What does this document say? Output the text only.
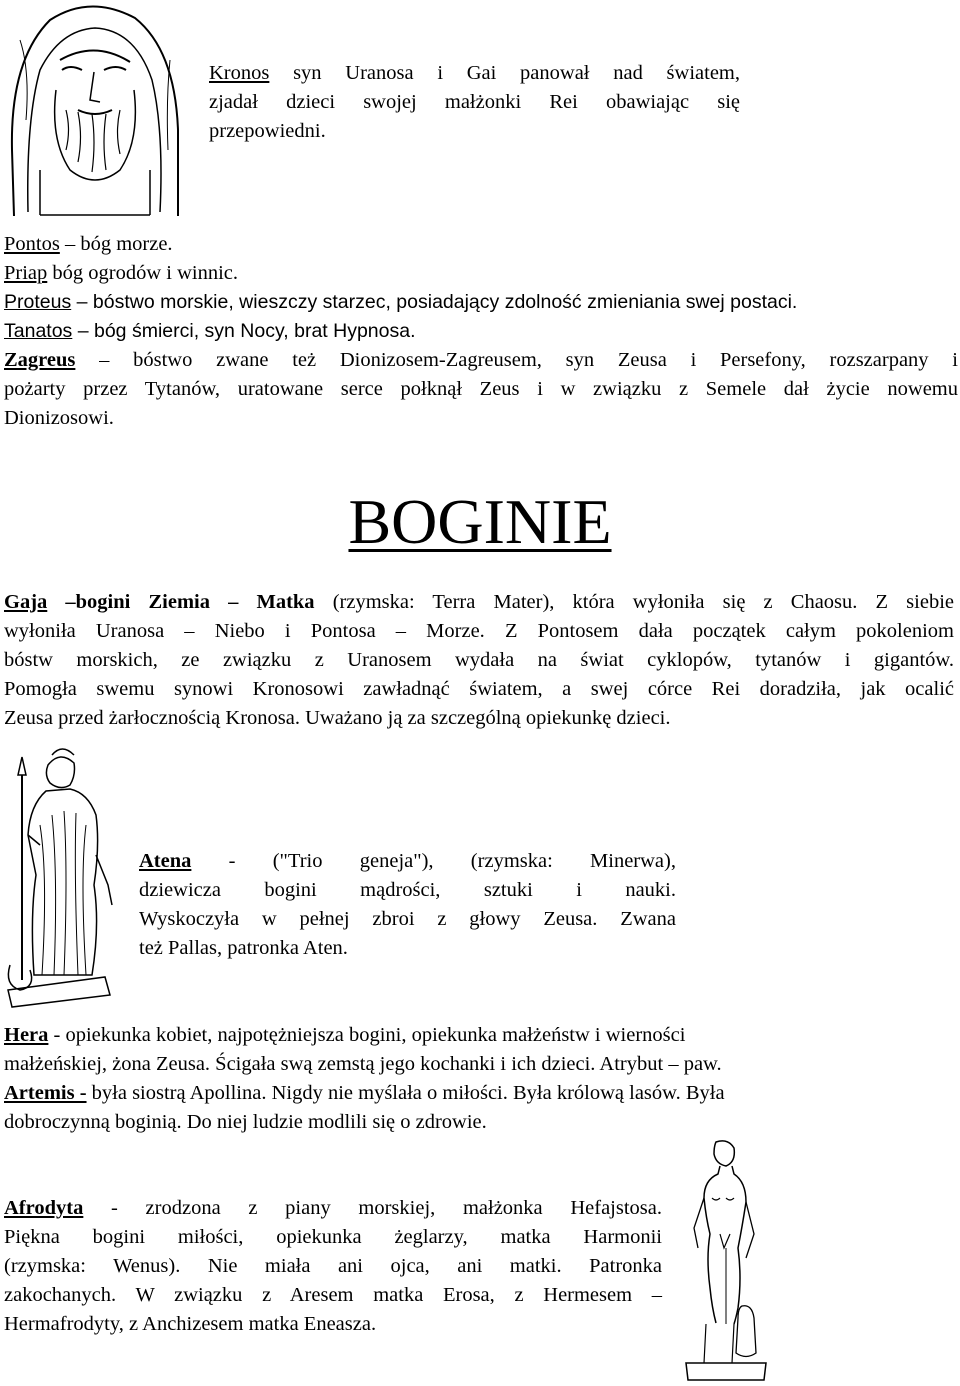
Kronos syn Uranosa i Gai panował nad światem,
zjadał dzieci swojej małżonki Rei obawiając się
przepowiedni.
Pontos – bóg morze.
Priap bóg ogrodów i winnic.
Proteus – bóstwo morskie, wieszczy starzec, posiadający zdolność zmieniania swej postaci.
Tanatos – bóg śmierci, syn Nocy, brat Hypnosa.
Zagreus – bóstwo zwane też Dionizosem-Zagreusem, syn Zeusa i Persefony, rozszarpany i
pożarty przez Tytanów, uratowane serce połknął Zeus i w związku z Semele dał życie nowemu
Dionizosowi.
BOGINIE
Gaja –bogini Ziemia – Matka (rzymska: Terra Mater), która wyłoniła się z Chaosu. Z siebie
wyłoniła Uranosa – Niebo i Pontosa – Morze. Z Pontosem dała początek całym pokoleniom
bóstw morskich, ze związku z Uranosem wydała na świat cyklopów, tytanów i gigantów.
Pomogła swemu synowi Kronosowi zawładnąć światem, a swej córce Rei doradziła, jak ocalić
Zeusa przed żarłocznością Kronosa. Uważano ją za szczególną opiekunkę dzieci.
Atena - ("Trio geneja"), (rzymska: Minerwa),
dziewicza bogini mądrości, sztuki i nauki.
Wyskoczyła w pełnej zbroi z głowy Zeusa. Zwana
też Pallas, patronka Aten.
Hera - opiekunka kobiet, najpotężniejsza bogini, opiekunka małżeństw i wierności
małżeńskiej, żona Zeusa. Ścigała swą zemstą jego kochanki i ich dzieci. Atrybut – paw.
Artemis - była siostrą Apollina. Nigdy nie myślała o miłości. Była królową lasów. Była
dobroczynną boginią. Do niej ludzie modlili się o zdrowie.
Afrodyta - zrodzona z piany morskiej, małżonka Hefajstosa.
Piękna bogini miłości, opiekunka żeglarzy, matka Harmonii
(rzymska: Wenus). Nie miała ani ojca, ani matki. Patronka
zakochanych. W związku z Aresem matka Erosa, z Hermesem –
Hermafrodyty, z Anchizesem matka Eneasza.
